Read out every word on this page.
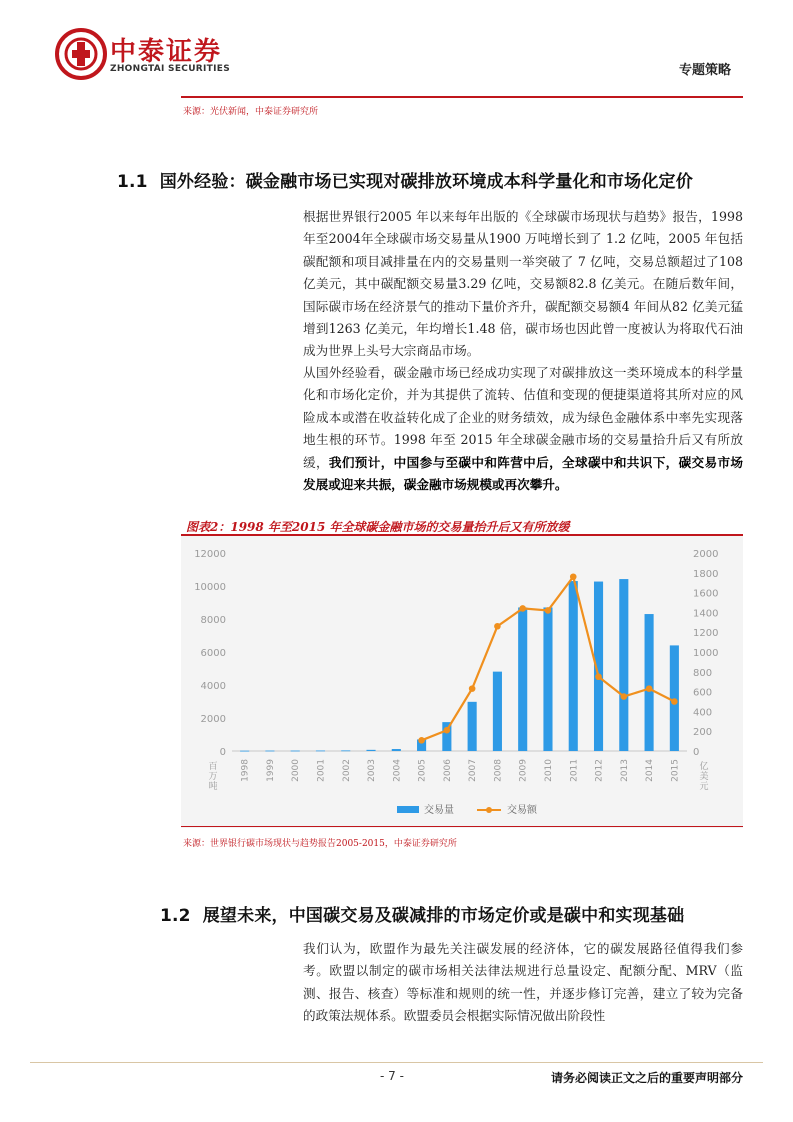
中泰证券
ZHONGTAI SECURITIES	专题策略
来源：光伏新闻，中泰证券研究所
1.1 国外经验：碳金融市场已实现对碳排放环境成本科学量化和市场化定价
根据世界银行2005 年以来每年出版的《全球碳市场现状与趋势》报告，1998 年至2004年全球碳市场交易量从1900 万吨增长到了 1.2 亿吨，2005 年包括碳配额和项目减排量在内的交易量则一举突破了 7 亿吨，交易总额超过了108 亿美元，其中碳配额交易量3.29 亿吨，交易额82.8 亿美元。在随后数年间，国际碳市场在经济景气的推动下量价齐升，碳配额交易额4 年间从82 亿美元猛增到1263 亿美元，年均增长1.48 倍，碳市场也因此曾一度被认为将取代石油成为世界上头号大宗商品市场。
从国外经验看，碳金融市场已经成功实现了对碳排放这一类环境成本的科学量化和市场化定价，并为其提供了流转、估值和变现的便捷渠道将其所对应的风险成本或潜在收益转化成了企业的财务绩效，成为绿色金融体系中率先实现落地生根的环节。1998 年至 2015 年全球碳金融市场的交易量拾升后又有所放缓，我们预计，中国参与至碳中和阵营中后，全球碳中和共识下，碳交易市场发展或迎来共振，碳金融市场规模或再次攀升。
图表2：1998 年至2015 年全球碳金融市场的交易量抬升后又有所放缓
0
2000
4000
6000
8000
10000
12000
0
200
400
600
800
1000
1200
1400
1600
1800
2000
1998 1999 2000 2001 2002 2003 2004 2005 2006 2007 2008 2009 2010 2011 2012 2013 2014 2015
百万吨
亿美元
交易量	交易额
来源：世界银行碳市场现状与趋势报告2005-2015，中泰证券研究所
1.2 展望未来，中国碳交易及碳减排的市场定价或是碳中和实现基础
我们认为，欧盟作为最先关注碳发展的经济体，它的碳发展路径值得我们参考。欧盟以制定的碳市场相关法律法规进行总量设定、配额分配、MRV（监测、报告、核查）等标准和规则的统一性，并逐步修订完善，建立了较为完备的政策法规体系。欧盟委员会根据实际情况做出阶段性
- 7 -	请务必阅读正文之后的重要声明部分
